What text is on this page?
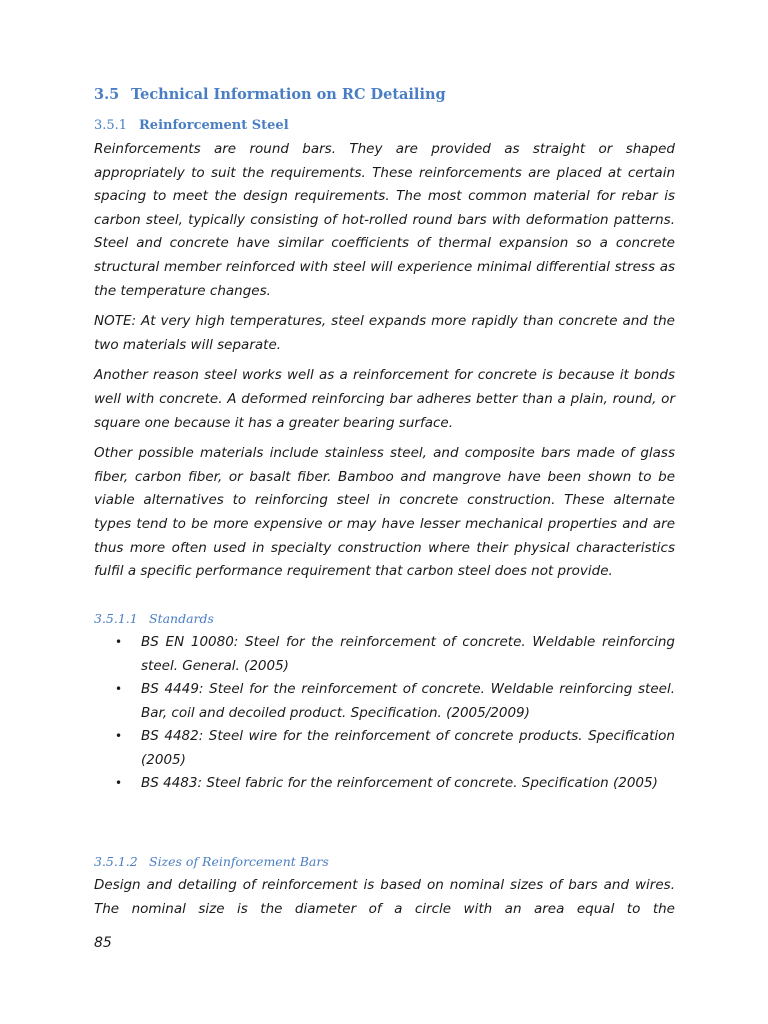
3.5 Technical Information on RC Detailing
3.5.1 Reinforcement Steel

Reinforcements are round bars. They are provided as straight or shaped appropriately to suit the requirements. These reinforcements are placed at certain spacing to meet the design requirements. The most common material for rebar is carbon steel, typically consisting of hot-rolled round bars with deformation patterns. Steel and concrete have similar coefficients of thermal expansion so a concrete structural member reinforced with steel will experience minimal differential stress as the temperature changes.

NOTE: At very high temperatures, steel expands more rapidly than concrete and the two materials will separate.

Another reason steel works well as a reinforcement for concrete is because it bonds well with concrete. A deformed reinforcing bar adheres better than a plain, round, or square one because it has a greater bearing surface.

Other possible materials include stainless steel, and composite bars made of glass fiber, carbon fiber, or basalt fiber. Bamboo and mangrove have been shown to be viable alternatives to reinforcing steel in concrete construction. These alternate types tend to be more expensive or may have lesser mechanical properties and are thus more often used in specialty construction where their physical characteristics fulfil a specific performance requirement that carbon steel does not provide.

3.5.1.1 Standards
• BS EN 10080: Steel for the reinforcement of concrete. Weldable reinforcing steel. General. (2005)
• BS 4449: Steel for the reinforcement of concrete. Weldable reinforcing steel. Bar, coil and decoiled product. Specification. (2005/2009)
• BS 4482: Steel wire for the reinforcement of concrete products. Specification (2005)
• BS 4483: Steel fabric for the reinforcement of concrete. Specification (2005)
3.5.1.2 Sizes of Reinforcement Bars

Design and detailing of reinforcement is based on nominal sizes of bars and wires. The nominal size is the diameter of a circle with an area equal to the

85
